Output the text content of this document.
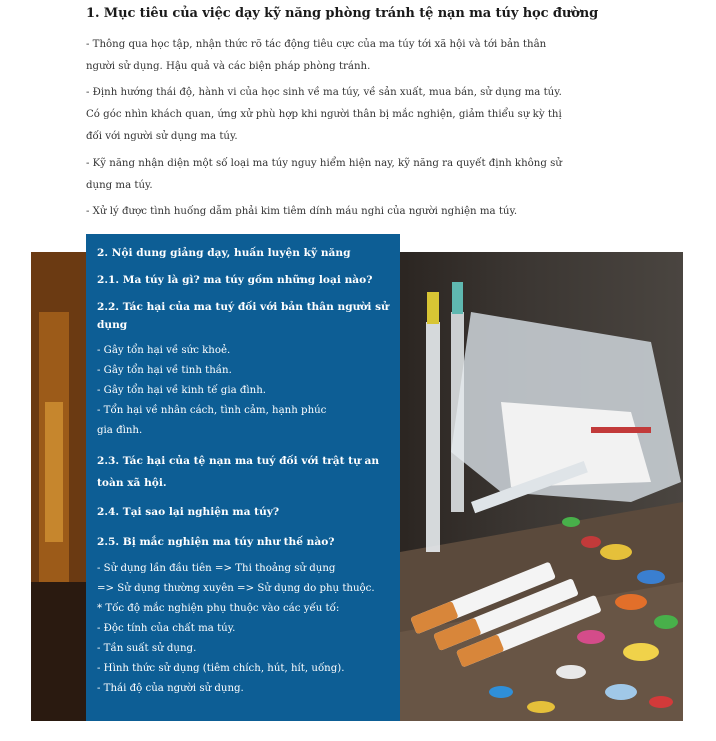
1. Mục tiêu của việc dạy kỹ năng phòng tránh tệ nạn ma túy học đường

- Thông qua học tập, nhận thức rõ tác động tiêu cực của ma túy tới xã hội và tới bản thân người sử dụng. Hậu quả và các biện pháp phòng tránh.

- Định hướng thái độ, hành vi của học sinh về ma túy, về sản xuất, mua bán, sử dụng ma túy. Có góc nhìn khách quan, ứng xử phù hợp khi người thân bị mắc nghiện, giảm thiểu sự kỳ thị đối với người sử dụng ma túy.

- Kỹ năng nhận diện một số loại ma túy nguy hiểm hiện nay, kỹ năng ra quyết định không sử dụng ma túy.

- Xử lý được tình huống dẫm phải kim tiêm dính máu nghi của người nghiện ma túy.

2. Nội dung giảng dạy, huấn luyện kỹ năng
2.1. Ma túy là gì? ma túy gồm những loại nào?
2.2. Tác hại của ma tuý đối với bản thân người sử dụng
- Gây tổn hại về sức khoẻ.
- Gây tổn hại về tinh thần.
- Gây tổn hại về kinh tế gia đình.
- Tổn hại về nhân cách, tình cảm, hạnh phúc
gia đình.
2.3. Tác hại của tệ nạn ma tuý đối với trật tự an toàn xã hội.
2.4. Tại sao lại nghiện ma túy?
2.5. Bị mắc nghiện ma túy như thế nào?
- Sử dụng lần đầu tiên => Thi thoảng sử dụng
=> Sử dụng thường xuyên => Sử dụng do phụ thuộc.
* Tốc độ mắc nghiện phụ thuộc vào các yếu tố:
- Độc tính của chất ma túy.
- Tần suất sử dụng.
- Hình thức sử dụng (tiêm chích, hút, hít, uống).
- Thái độ của người sử dụng.
